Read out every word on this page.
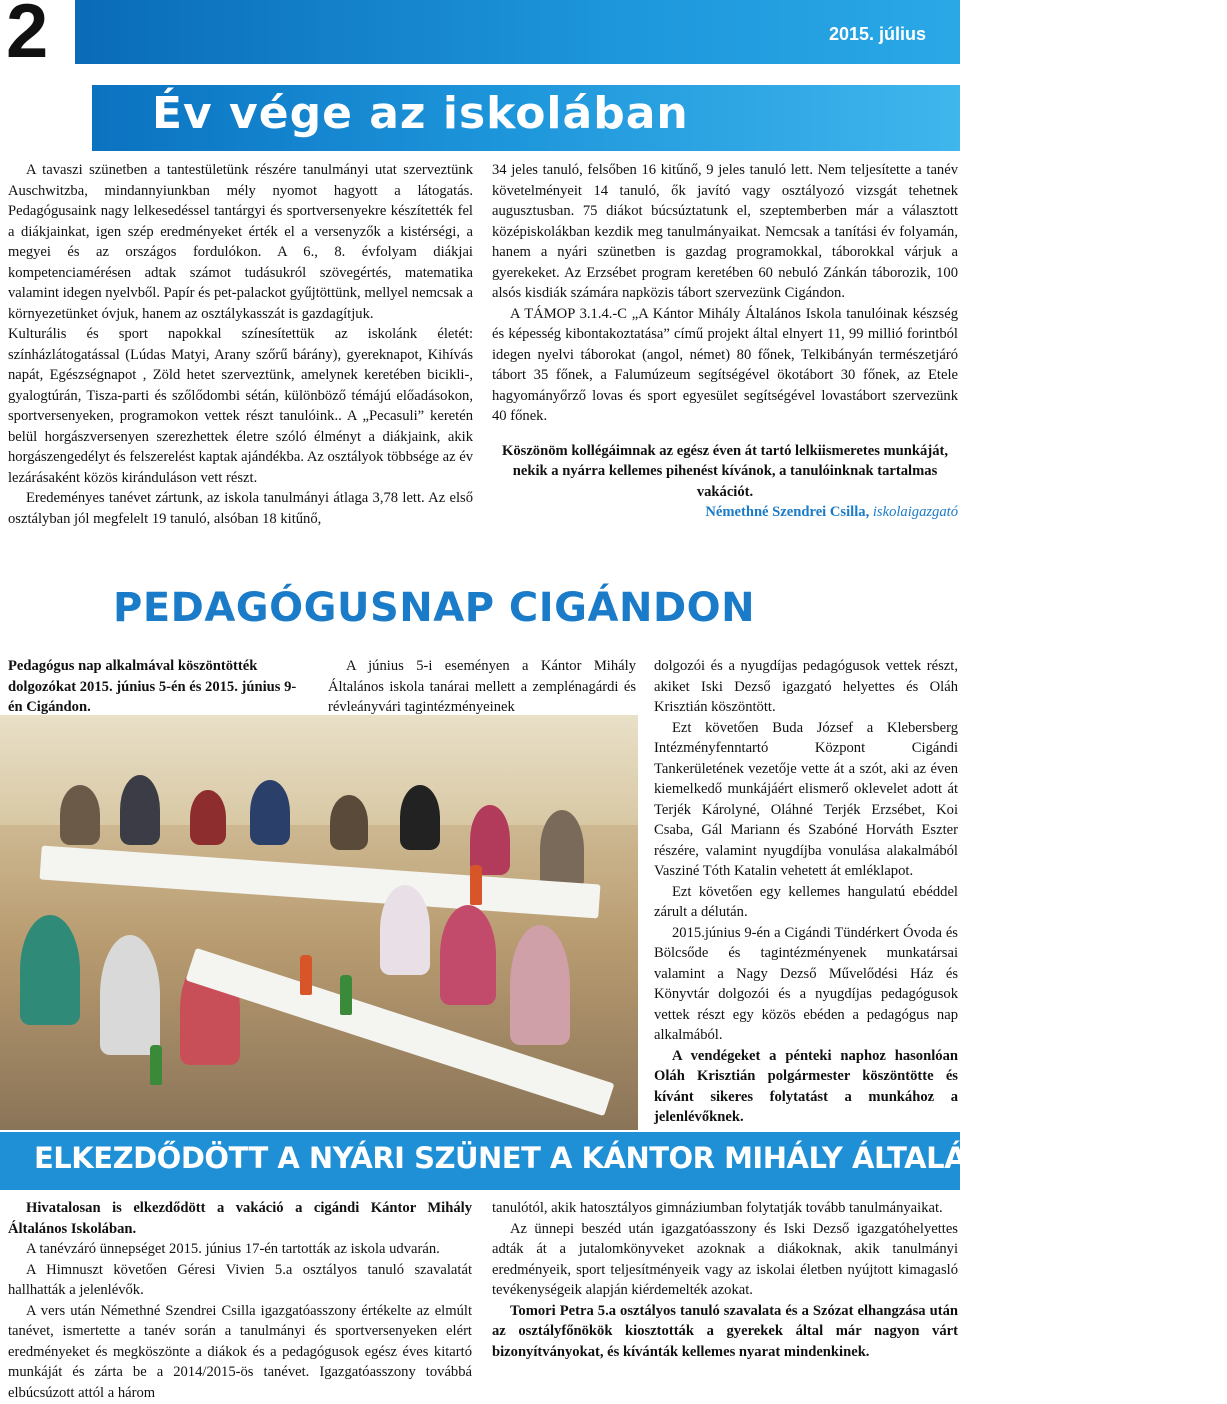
2	2015. július
Év vége az iskolában

A tavaszi szünetben a tantestületünk részére tanulmányi utat szerveztünk Auschwitzba, mindannyiunkban mély nyomot hagyott a látogatás. Pedagógusaink nagy lelkesedéssel tantárgyi és sportversenyekre készítették fel a diákjainkat, igen szép eredményeket érték el a versenyzők a kistérségi, a megyei és az országos fordulókon. A 6., 8. évfolyam diákjai kompetenciamérésen adtak számot tudásukról szövegértés, matematika valamint idegen nyelvből. Papír és pet-palackot gyűjtöttünk, mellyel nemcsak a környezetünket óvjuk, hanem az osztálykasszát is gazdagítjuk.

Kulturális és sport napokkal színesítettük az iskolánk életét: színházlátogatással (Lúdas Matyi, Arany szőrű bárány), gyereknapot, Kihívás napát, Egészségnapot , Zöld hetet szerveztünk, amelynek keretében bicikli-, gyalogtúrán, Tisza-parti és szőlődombi sétán, különböző témájú előadásokon, sportversenyeken, programokon vettek részt tanulóink.. A „Pecasuli” keretén belül horgászversenyen szerezhettek életre szóló élményt a diákjaink, akik horgászengedélyt és felszerelést kaptak ajándékba. Az osztályok többsége az év lezárásaként közös kiránduláson vett részt.

Eredeményes tanévet zártunk, az iskola tanulmányi átlaga 3,78 lett. Az első osztályban jól megfelelt 19 tanuló, alsóban 18 kitűnő,

34 jeles tanuló, felsőben 16 kitűnő, 9 jeles tanuló lett. Nem teljesítette a tanév követelményeit 14 tanuló, ők javító vagy osztályozó vizsgát tehetnek augusztusban. 75 diákot búcsúztatunk el, szeptemberben már a választott középiskolákban kezdik meg tanulmányaikat. Nemcsak a tanítási év folyamán, hanem a nyári szünetben is gazdag programokkal, táborokkal várjuk a gyerekeket. Az Erzsébet program keretében 60 nebuló Zánkán táborozik, 100 alsós kisdiák számára napközis tábort szervezünk Cigándon.

A TÁMOP 3.1.4.-C „A Kántor Mihály Általános Iskola tanulóinak készség és képesség kibontakoztatása” című projekt által elnyert 11, 99 millió forintból idegen nyelvi táborokat (angol, német) 80 főnek, Telkibányán természetjáró tábort 35 főnek, a Falumúzeum segítségével ökotábort 30 főnek, az Etele hagyományőrző lovas és sport egyesület segítségével lovastábort szervezünk 40 főnek.

Köszönöm kollégáimnak az egész éven át tartó lelkiismeretes munkáját, nekik a nyárra kellemes pihenést kívánok, a tanulóinknak tartalmas vakációt.

Némethné Szendrei Csilla, iskolaigazgató

PEDAGÓGUSNAP CIGÁNDON

Pedagógus nap alkalmával köszöntötték dolgozókat 2015. június 5-én és 2015. június 9-én Cigándon.

A június 5-i eseményen a Kántor Mihály Általános iskola tanárai mellett a zemplénagárdi és révleányvári tagintézményeinek

dolgozói és a nyugdíjas pedagógusok vettek részt, akiket Iski Dezső igazgató helyettes és Oláh Krisztián köszöntött.

Ezt követően Buda József a Klebersberg Intézményfenntartó Központ Cigándi Tankerületének vezetője vette át a szót, aki az éven kiemelkedő munkájáért elismerő oklevelet adott át Terjék Károlyné, Oláhné Terjék Erzsébet, Koi Csaba, Gál Mariann és Szabóné Horváth Eszter részére, valamint nyugdíjba vonulása alakalmából Vasziné Tóth Katalin vehetett át emléklapot.

Ezt követően egy kellemes hangulatú ebéddel zárult a délután.

2015.június 9-én a Cigándi Tündérkert Óvoda és Bölcsőde és tagintézményenek munkatársai valamint a Nagy Dezső Művelődési Ház és Könyvtár dolgozói és a nyugdíjas pedagógusok vettek részt egy közös ebéden a pedagógus nap alkalmából.

A vendégeket a pénteki naphoz hasonlóan Oláh Krisztián polgármester köszöntötte és kívánt sikeres folytatást a munkához a jelenlévőknek.

ELKEZDŐDÖTT A NYÁRI SZÜNET A KÁNTOR MIHÁLY ÁLTALÁNOS ISKOLÁBAN

Hivatalosan is elkezdődött a vakáció a cigándi Kántor Mihály Általános Iskolában.

A tanévzáró ünnepséget 2015. június 17-én tartották az iskola udvarán.

A Himnuszt követően Géresi Vivien 5.a osztályos tanuló szavalatát hallhatták a jelenlévők.

A vers után Némethné Szendrei Csilla igazgatóasszony értékelte az elmúlt tanévet, ismertette a tanév során a tanulmányi és sportversenyeken elért eredményeket és megköszönte a diákok és a pedagógusok egész éves kitartó munkáját és zárta be a 2014/2015-ös tanévet. Igazgatóasszony továbbá elbúcsúzott attól a három

tanulótól, akik hatosztályos gimnáziumban folytatják tovább tanulmányaikat.

Az ünnepi beszéd után igazgatóasszony és Iski Dezső igazgatóhelyettes adták át a jutalomkönyveket azoknak a diákoknak, akik tanulmányi eredményeik, sport teljesítményeik vagy az iskolai életben nyújtott kimagasló tevékenységeik alapján kiérdemelték azokat.

Tomori Petra 5.a osztályos tanuló szavalata és a Szózat elhangzása után az osztályfőnökök kiosztották a gyerekek által már nagyon várt bizonyítványokat, és kívánták kellemes nyarat mindenkinek.
